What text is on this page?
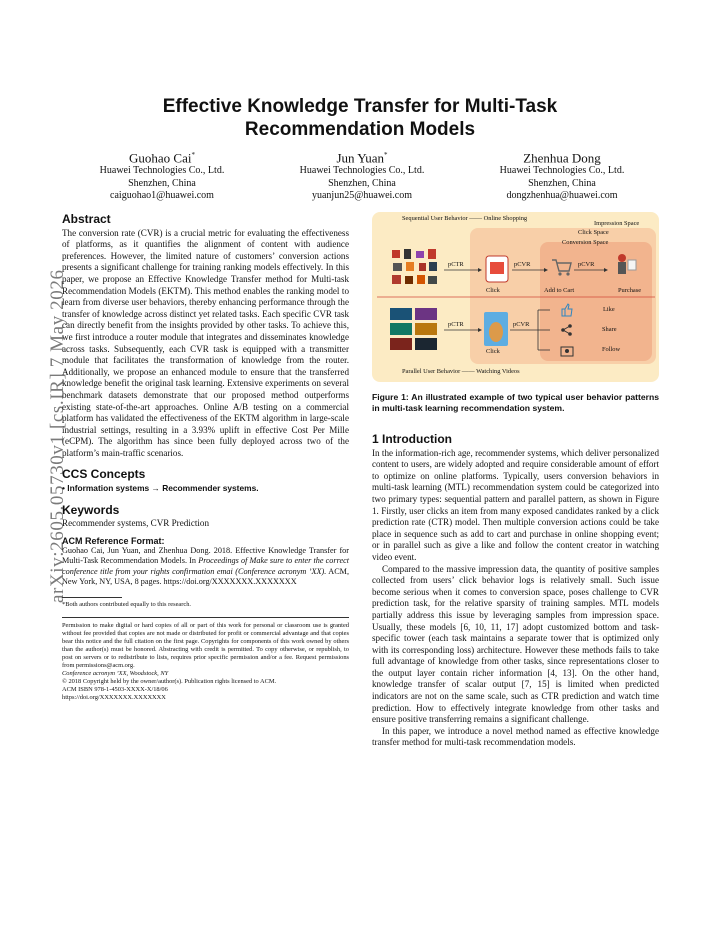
arXiv:2605.05730v1 [cs.IR] 7 May 2026
Effective Knowledge Transfer for Multi-Task Recommendation Models
Guohao Cai*
Huawei Technologies Co., Ltd.
Shenzhen, China
caiguohao1@huawei.com
Jun Yuan*
Huawei Technologies Co., Ltd.
Shenzhen, China
yuanjun25@huawei.com
Zhenhua Dong
Huawei Technologies Co., Ltd.
Shenzhen, China
dongzhenhua@huawei.com
Abstract

The conversion rate (CVR) is a crucial metric for evaluating the effectiveness of platforms, as it quantifies the alignment of content with audience preferences. However, the limited nature of customers’ conversion actions presents a significant challenge for training ranking models effectively. In this paper, we propose an Effective Knowledge Transfer method for Multi-task Recommendation Models (EKTM). This method enables the ranking model to learn from diverse user behaviors, thereby enhancing performance through the transfer of knowledge across distinct yet related tasks. Each specific CVR task can directly benefit from the insights provided by other tasks. To achieve this, we first introduce a router module that integrates and disseminates knowledge across tasks. Subsequently, each CVR task is equipped with a transmitter module that facilitates the transformation of knowledge from the router. Additionally, we propose an enhanced module to ensure that the transferred knowledge benefit the original task learning. Extensive experiments on several benchmark datasets demonstrate that our proposed method outperforms existing state-of-the-art approaches. Online A/B testing on a commercial platform has validated the effectiveness of the EKTM algorithm in large-scale industrial settings, resulting in a 3.93% uplift in effective Cost Per Mille (eCPM). The algorithm has since been fully deployed across two of the platform’s main-traffic scenarios.

CCS Concepts

• Information systems → Recommender systems.

Keywords

Recommender systems, CVR Prediction

ACM Reference Format:

Guohao Cai, Jun Yuan, and Zhenhua Dong. 2018. Effective Knowledge Transfer for Multi-Task Recommendation Models. In Proceedings of Make sure to enter the correct conference title from your rights confirmation emai (Conference acronym ’XX). ACM, New York, NY, USA, 8 pages. https://doi.org/XXXXXXX.XXXXXXX

*Both authors contributed equally to this research.

Permission to make digital or hard copies of all or part of this work for personal or classroom use is granted without fee provided that copies are not made or distributed for profit or commercial advantage and that copies bear this notice and the full citation on the first page. Copyrights for components of this work owned by others than the author(s) must be honored. Abstracting with credit is permitted. To copy otherwise, or republish, to post on servers or to redistribute to lists, requires prior specific permission and/or a fee. Request permissions from permissions@acm.org.

Conference acronym ’XX, Woodstock, NY

© 2018 Copyright held by the owner/author(s). Publication rights licensed to ACM.

ACM ISBN 978-1-4503-XXXX-X/18/06

https://doi.org/XXXXXXX.XXXXXXX

Sequential User Behavior —— Online Shopping
Impression Space
Click Space
Conversion Space
pCTR	pCVR	pCVR
Click	Add to Cart	Purchase
pCTR	pCVR
Click
Like
Share
Follow
Parallel User Behavior —— Watching Videos

Figure 1: An illustrated example of two typical user behavior patterns in multi-task learning recommendation system.

1 Introduction

In the information-rich age, recommender systems, which deliver personalized content to users, are widely adopted and require considerable amount of effort to optimize on online platforms. Typically, users conversion behaviors in multi-task learning (MTL) recommendation system could be categorized into two primary types: sequential pattern and parallel pattern, as shown in Figure 1. Firstly, user clicks an item from many exposed candidates ranked by a click prediction rate (CTR) model. Then multiple conversion actions could be take place in sequence such as add to cart and purchase in online shopping event; or in parallel such as give a like and follow the content creator in watching video event.

Compared to the massive impression data, the quantity of positive samples collected from users’ click behavior logs is relatively small. Such issue become serious when it comes to conversion space, poses challenge to CVR prediction task, for the relative sparsity of training samples. MTL models partially address this issue by leveraging samples from impression space. Usually, these models [6, 10, 11, 17] adopt customized bottom and task-specific tower (each task maintains a separate tower that is optimized only with its corresponding loss) architecture. However these methods fails to take full advantage of knowledge from other tasks, since representations closer to the output layer contain richer information [4, 13]. On the other hand, knowledge transfer of scalar output [7, 15] is limited when predicted indicators are not on the same scale, such as CTR prediction and watch time prediction. How to effectively integrate knowledge from other tasks and ensure positive transferring remains a significant challenge.

In this paper, we introduce a novel method named as effective knowledge transfer method for multi-task recommendation models.
